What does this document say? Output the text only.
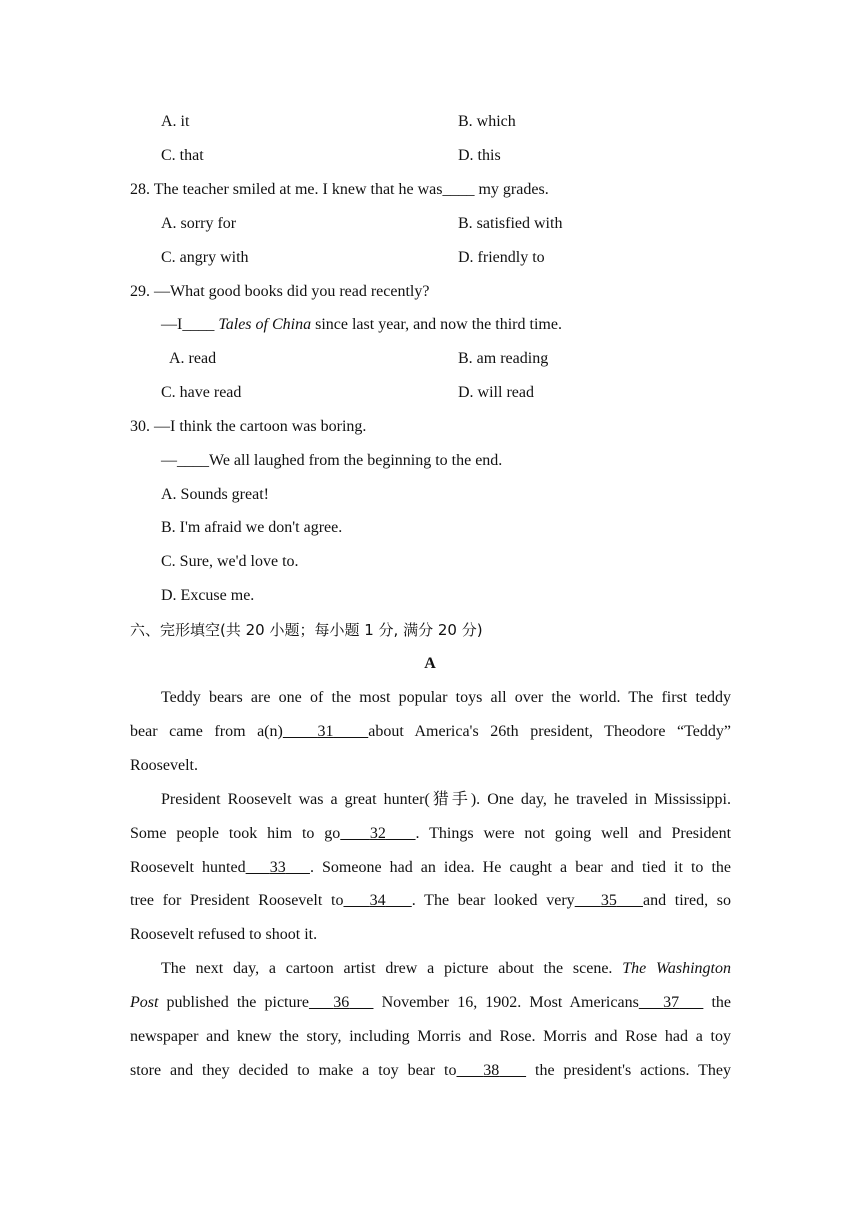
A. it	B. which
C. that	D. this
28. The teacher smiled at me. I knew that he was____ my grades.
A. sorry for	B. satisfied with
C. angry with	D. friendly to
29. —What good books did you read recently?
—I____ Tales of China since last year, and now the third time.
A. read	B. am reading
C. have read	D. will read
30. —I think the cartoon was boring.
—____We all laughed from the beginning to the end.
A. Sounds great!
B. I'm afraid we don't agree.
C. Sure, we'd love to.
D. Excuse me.
六、完形填空(共 20 小题；每小题 1 分, 满分 20 分)
A

Teddy bears are one of the most popular toys all over the world. The first teddy
bear came from a(n) 31 about America's 26th president, Theodore “Teddy”
Roosevelt.

President Roosevelt was a great hunter(猎手). One day, he traveled in Mississippi.
Some people took him to go 32 . Things were not going well and President
Roosevelt hunted 33 . Someone had an idea. He caught a bear and tied it to the
tree for President Roosevelt to 34 . The bear looked very 35 and tired, so
Roosevelt refused to shoot it.

The next day, a cartoon artist drew a picture about the scene. The Washington
Post published the picture 36    November 16, 1902. Most Americans 37    the
newspaper and knew the story, including Morris and Rose. Morris and Rose had a toy
store and they decided to make a toy bear to 38    the president's actions. They
